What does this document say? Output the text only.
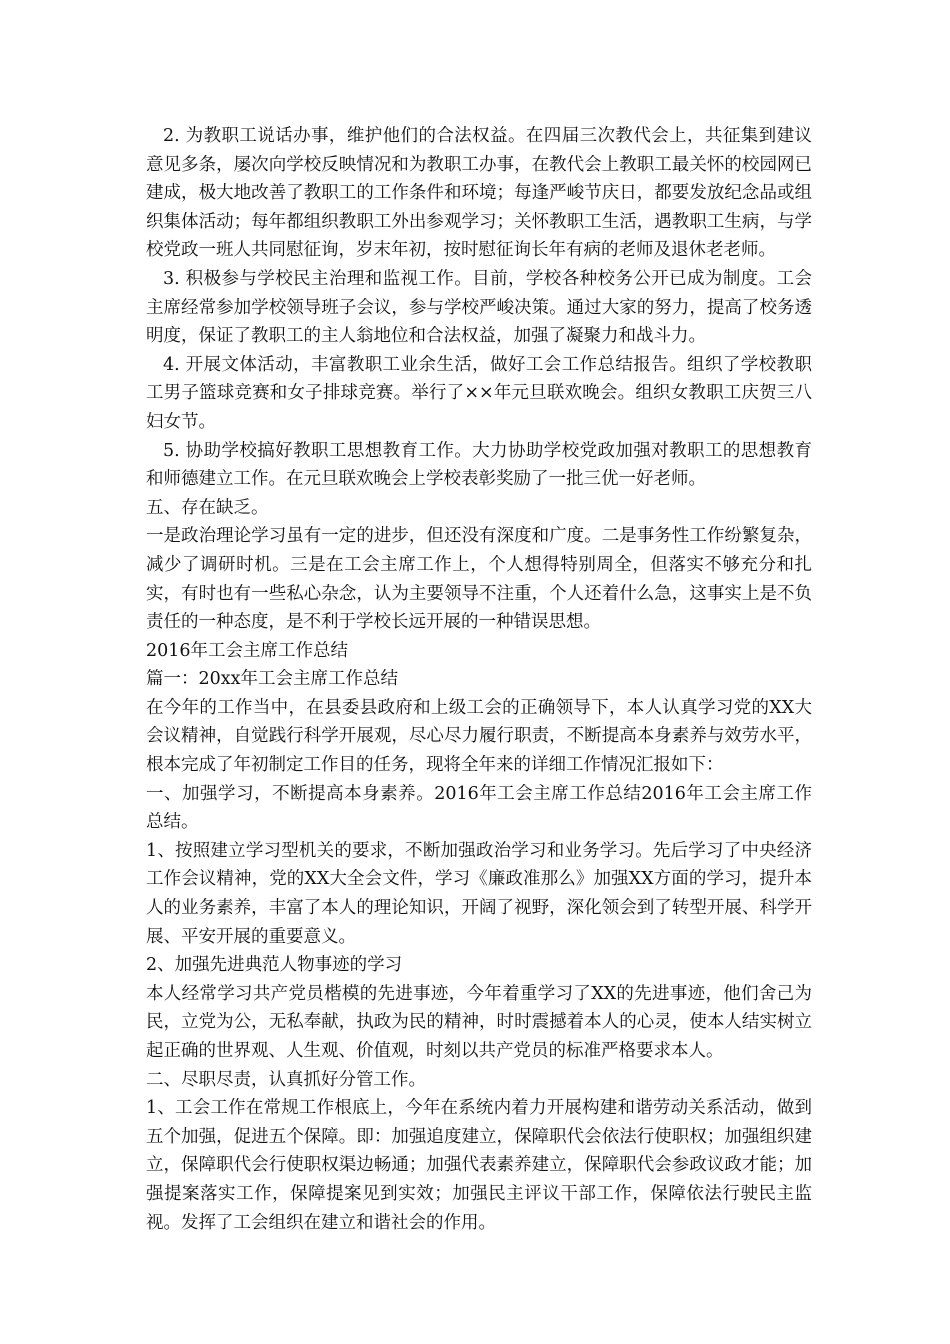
2. 为教职工说话办事，维护他们的合法权益。在四届三次教代会上，共征集到建议意见多条，屡次向学校反映情况和为教职工办事，在教代会上教职工最关怀的校园网已建成，极大地改善了教职工的工作条件和环境；每逢严峻节庆日，都要发放纪念品或组织集体活动；每年都组织教职工外出参观学习；关怀教职工生活，遇教职工生病，与学校党政一班人共同慰征询，岁末年初，按时慰征询长年有病的老师及退休老老师。

3. 积极参与学校民主治理和监视工作。目前，学校各种校务公开已成为制度。工会主席经常参加学校领导班子会议，参与学校严峻决策。通过大家的努力，提高了校务透明度，保证了教职工的主人翁地位和合法权益，加强了凝聚力和战斗力。

4. 开展文体活动，丰富教职工业余生活，做好工会工作总结报告。组织了学校教职工男子篮球竞赛和女子排球竞赛。举行了××年元旦联欢晚会。组织女教职工庆贺三八妇女节。

5. 协助学校搞好教职工思想教育工作。大力协助学校党政加强对教职工的思想教育和师德建立工作。在元旦联欢晚会上学校表彰奖励了一批三优一好老师。

五、存在缺乏。

一是政治理论学习虽有一定的进步，但还没有深度和广度。二是事务性工作纷繁复杂，减少了调研时机。三是在工会主席工作上，个人想得特别周全，但落实不够充分和扎实，有时也有一些私心杂念，认为主要领导不注重，个人还着什么急，这事实上是不负责任的一种态度，是不利于学校长远开展的一种错误思想。

2016年工会主席工作总结

篇一：20xx年工会主席工作总结

在今年的工作当中，在县委县政府和上级工会的正确领导下，本人认真学习党的XX大会议精神，自觉践行科学开展观，尽心尽力履行职责，不断提高本身素养与效劳水平，根本完成了年初制定工作目的任务，现将全年来的详细工作情况汇报如下：

一、加强学习，不断提高本身素养。2016年工会主席工作总结2016年工会主席工作总结。

1、按照建立学习型机关的要求，不断加强政治学习和业务学习。先后学习了中央经济工作会议精神，党的XX大全会文件，学习《廉政准那么》加强XX方面的学习，提升本人的业务素养，丰富了本人的理论知识，开阔了视野，深化领会到了转型开展、科学开展、平安开展的重要意义。

2、加强先进典范人物事迹的学习

本人经常学习共产党员楷模的先进事迹，今年着重学习了XX的先进事迹，他们舍己为民，立党为公，无私奉献，执政为民的精神，时时震撼着本人的心灵，使本人结实树立起正确的世界观、人生观、价值观，时刻以共产党员的标准严格要求本人。

二、尽职尽责，认真抓好分管工作。

1、工会工作在常规工作根底上，今年在系统内着力开展构建和谐劳动关系活动，做到五个加强，促进五个保障。即：加强追度建立，保障职代会依法行使职权；加强组织建立，保障职代会行使职权渠边畅通；加强代表素养建立，保障职代会参政议政才能；加强提案落实工作，保障提案见到实效；加强民主评议干部工作，保障依法行驶民主监视。发挥了工会组织在建立和谐社会的作用。
